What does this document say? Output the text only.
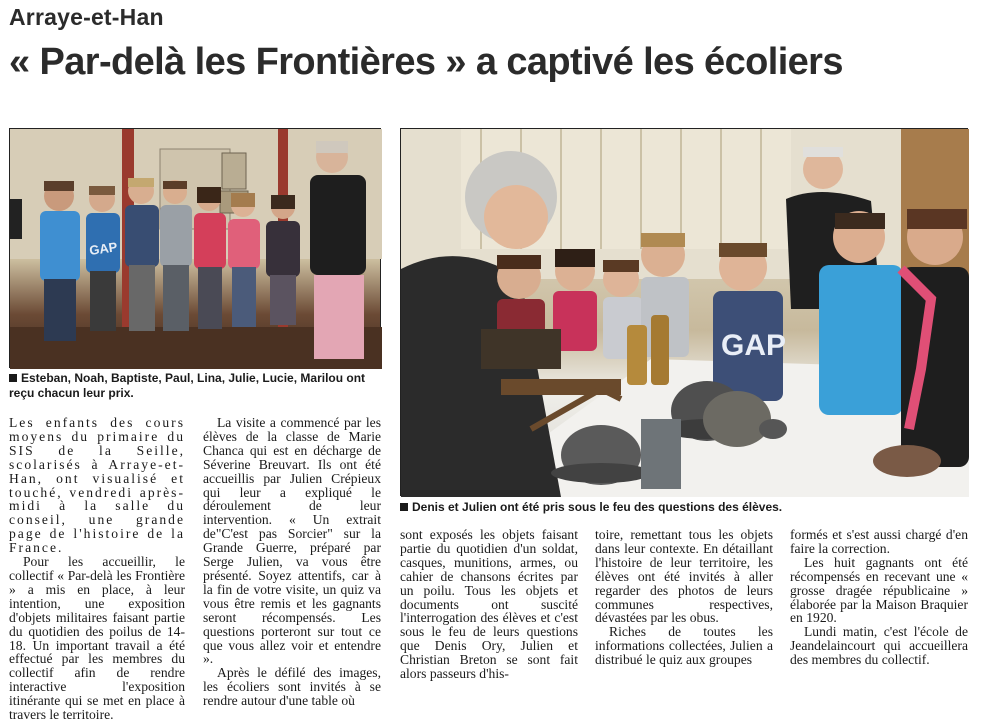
Arraye-et-Han
« Par-delà les Frontières » a captivé les écoliers
GAP
Esteban, Noah, Baptiste, Paul, Lina, Julie, Lucie, Marilou ont reçu chacun leur prix.
GAP
Denis et Julien ont été pris sous le feu des questions des élèves.

Les enfants des cours moyens du primaire du SIS de la Seille, scolarisés à Arraye-et-Han, ont visualisé et touché, vendredi après-midi à la salle du conseil, une grande page de l'histoire de la France.

Pour les accueillir, le collectif « Par-delà les Frontière » a mis en place, à leur intention, une exposition d'objets militaires faisant partie du quotidien des poilus de 14-18. Un important travail a été effectué par les membres du collectif afin de rendre interactive l'exposition itinérante qui se met en place à travers le territoire.

La visite a commencé par les élèves de la classe de Marie Chanca qui est en décharge de Séverine Breuvart. Ils ont été accueillis par Julien Crépieux qui leur a expliqué le déroulement de leur intervention. « Un extrait de"C'est pas Sorcier" sur la Grande Guerre, préparé par Serge Julien, va vous être présenté. Soyez attentifs, car à la fin de votre visite, un quiz va vous être remis et les gagnants seront récompensés. Les questions porteront sur tout ce que vous allez voir et entendre ».

Après le défilé des images, les écoliers sont invités à se rendre autour d'une table où

sont exposés les objets faisant partie du quotidien d'un soldat, casques, munitions, armes, ou cahier de chansons écrites par un poilu. Tous les objets et documents ont suscité l'interrogation des élèves et c'est sous le feu de leurs questions que Denis Ory, Julien et Christian Breton se sont fait alors passeurs d'his-

toire, remettant tous les objets dans leur contexte. En détaillant l'histoire de leur territoire, les élèves ont été invités à aller regarder des photos de leurs communes respectives, dévastées par les obus.

Riches de toutes les informations collectées, Julien a distribué le quiz aux groupes

formés et s'est aussi chargé d'en faire la correction.

Les huit gagnants ont été récompensés en recevant une « grosse dragée républicaine » élaborée par la Maison Braquier en 1920.

Lundi matin, c'est l'école de Jeandelaincourt qui accueillera des membres du collectif.
